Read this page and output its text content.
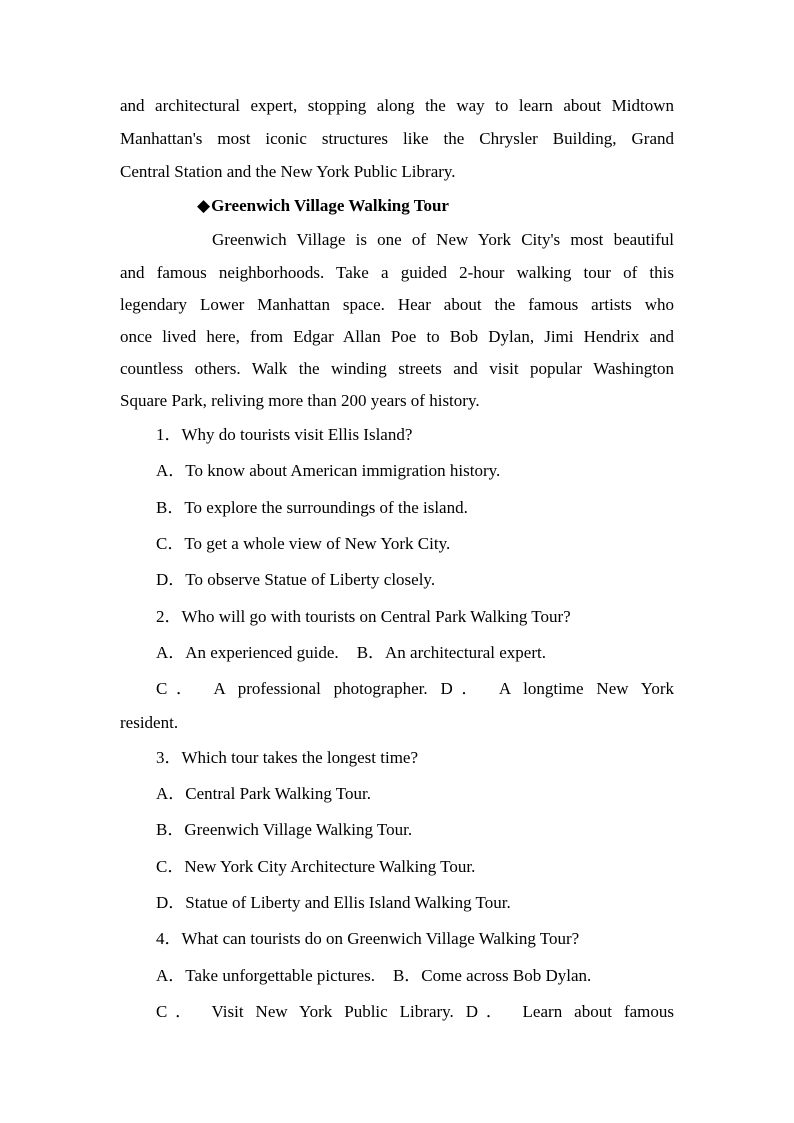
and architectural expert, stopping along the way to learn about Midtown
Manhattan's most iconic structures like the Chrysler Building, Grand
Central Station and the New York Public Library.
◆Greenwich Village Walking Tour
Greenwich Village is one of New York City's most beautiful
and famous neighborhoods. Take a guided 2-hour walking tour of this
legendary Lower Manhattan space. Hear about the famous artists who
once lived here, from Edgar Allan Poe to Bob Dylan, Jimi Hendrix and
countless others. Walk the winding streets and visit popular Washington
Square Park, reliving more than 200 years of history.
1．Why do tourists visit Ellis Island?
A．To know about American immigration history.
B．To explore the surroundings of the island.
C．To get a whole view of New York City.
D．To observe Statue of Liberty closely.
2．Who will go with tourists on Central Park Walking Tour?
A．An experienced guide. B．An architectural expert.
C． A professional photographer. D． A longtime New York
resident.
3．Which tour takes the longest time?
A．Central Park Walking Tour.
B．Greenwich Village Walking Tour.
C．New York City Architecture Walking Tour.
D．Statue of Liberty and Ellis Island Walking Tour.
4．What can tourists do on Greenwich Village Walking Tour?
A．Take unforgettable pictures. B．Come across Bob Dylan.
C． Visit New York Public Library. D． Learn about famous
